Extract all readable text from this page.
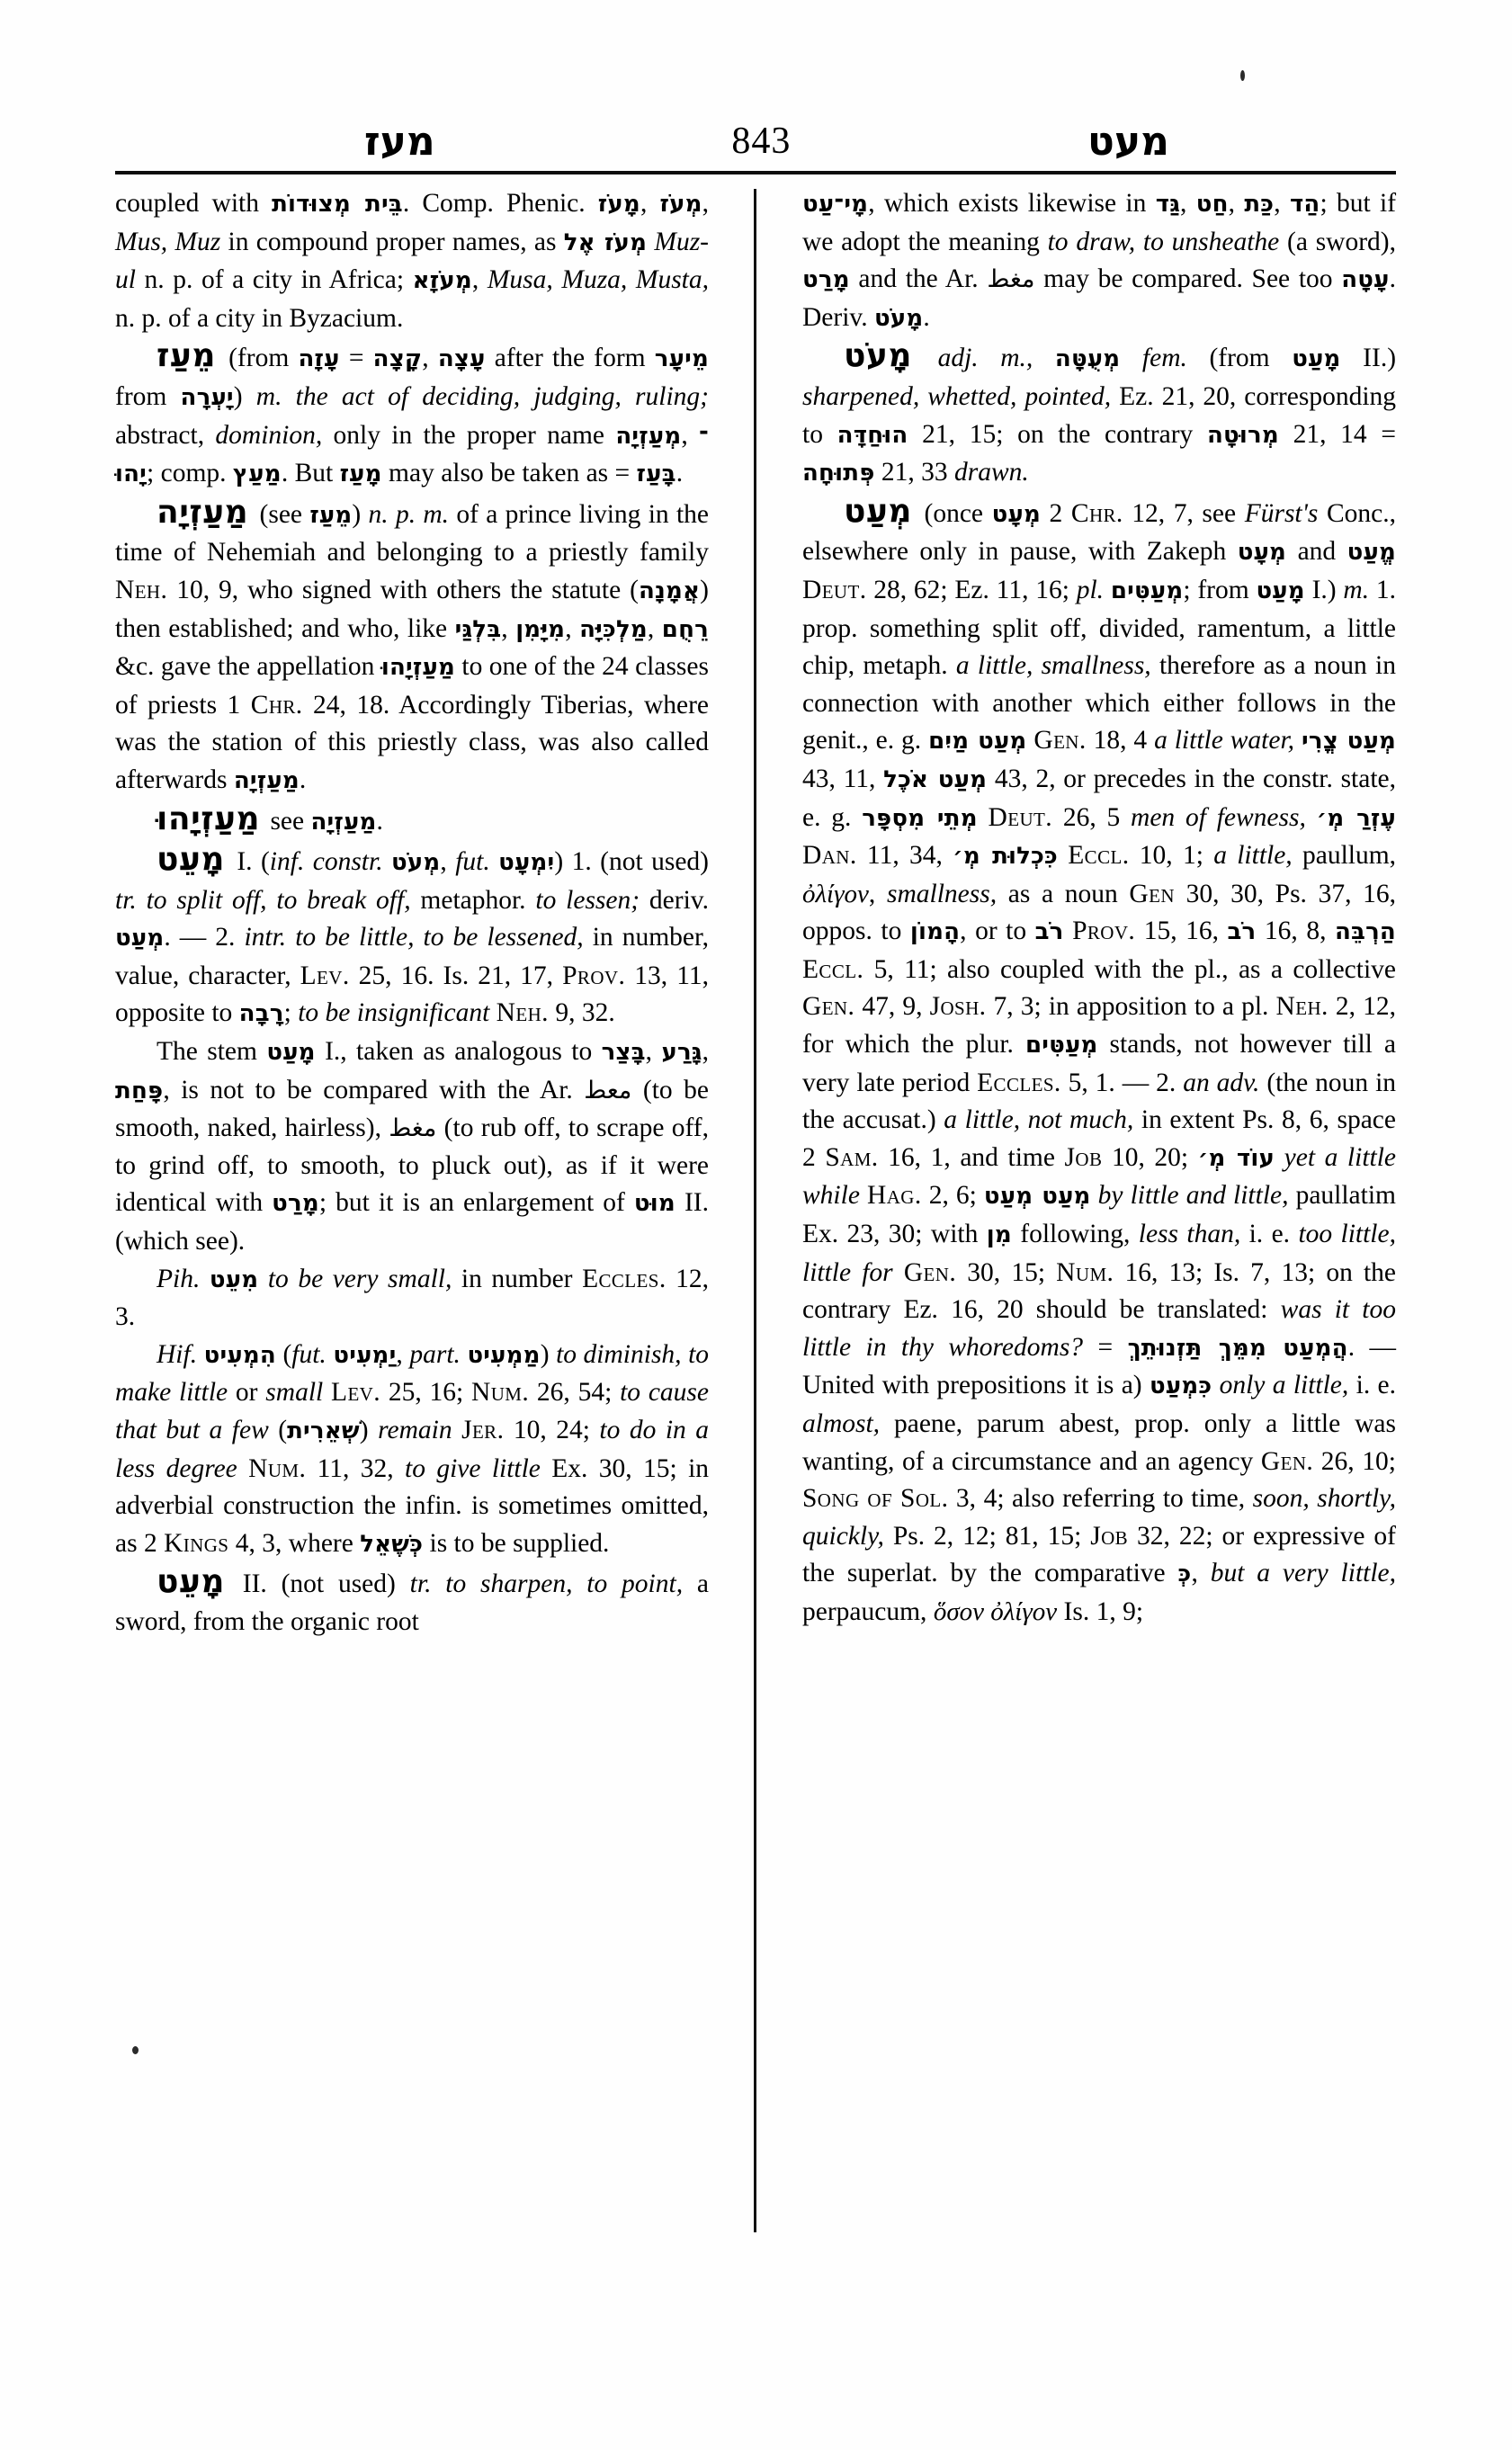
מעז	843	מעט

coupled with בֵּית מְצוּדוֹת. Comp. Phenic. מָעֹז, מְעֹז, Mus, Muz in compound proper names, as מְעֹז אֶל Muz-ul n. p. of a city in Africa; מְעֹזָא, Musa, Muza, Musta, n. p. of a city in Byzacium.

מֵעַז (from עָזָה = קָצָה, עָצָה after the form מֵיעָר from יָעְרָה) m. the act of deciding, judging, ruling; abstract, dominion, only in the proper name מְעַזְיָה, ־יָהוּ; comp. מַעַץ. But מָעַז may also be taken as = בָּעַז.

מַעַזְיָה (see מֵעַז) n. p. m. of a prince living in the time of Nehemiah and belonging to a priestly family Neh. 10, 9, who signed with others the statute (אֲמָנָה) then established; and who, like בִּלְגַּי, מִיָּמִן, מַלְכִּיָּה, רֵחֻם &c. gave the appellation מַעַזְיָהוּ to one of the 24 classes of priests 1 Chr. 24, 18. Accordingly Tiberias, where was the station of this priestly class, was also called afterwards מַעַזְיָה.

מַעַזְיָהוּ see מַעַזְיָה.

מָעֵט I. (inf. constr. מְעֹט, fut. יִמְעָט) 1. (not used) tr. to split off, to break off, metaphor. to lessen; deriv. מְעַט. — 2. intr. to be little, to be lessened, in number, value, character, Lev. 25, 16. Is. 21, 17, Prov. 13, 11, opposite to רָבָה; to be insignificant Neh. 9, 32.

The stem מָעַט I., taken as analogous to בָּצַר, גָּרַע, פָּחַת, is not to be compared with the Ar. معط (to be smooth, naked, hairless), مغط (to rub off, to scrape off, to grind off, to smooth, to pluck out), as if it were identical with מָרַט; but it is an enlargement of מוּט II. (which see).

Pih. מִעֵט to be very small, in number Eccles. 12, 3.

Hif. הִמְעִיט (fut. יַמְעִיט, part. מַמְעִיט) to diminish, to make little or small Lev. 25, 16; Num. 26, 54; to cause that but a few (שְׁאֵרִית) remain Jer. 10, 24; to do in a less degree Num. 11, 32, to give little Ex. 30, 15; in adverbial construction the infin. is sometimes omitted, as 2 Kings 4, 3, where כְּשֶׁאֵל is to be supplied.

מָעֵט II. (not used) tr. to sharpen, to point, a sword, from the organic root

מָי־עַט, which exists likewise in גַּד, חַט, כַּת, הַד; but if we adopt the meaning to draw, to unsheathe (a sword), מָרַט and the Ar. مغط may be compared. See too עָטָה. Deriv. מָעֹט.

מָעֹט adj. m., מְעֻטָּה fem. (from מָעַט II.) sharpened, whetted, pointed, Ez. 21, 20, corresponding to הוּחַדָּה 21, 15; on the contrary מְרוּטָה 21, 14 = פְּתוּחָה 21, 33 drawn.

מְעַט (once מְעָט 2 Chr. 12, 7, see Fürst's Conc., elsewhere only in pause, with Zakeph מְעָט and מֱעַט Deut. 28, 62; Ez. 11, 16; pl. מְעַטִּים; from מָעַט I.) m. 1. prop. something split off, divided, ramentum, a little chip, metaph. a little, smallness, therefore as a noun in connection with another which either follows in the genit., e. g. מְעַט מַיִם Gen. 18, 4 a little water, מְעַט צֳרִי 43, 11, מְעַט אֹכֶל 43, 2, or precedes in the constr. state, e. g. מְתֵי מִסְפָּר Deut. 26, 5 men of fewness, עֶזְרַ מְ׳ Dan. 11, 34, כִּכְלוּת מְ׳ Eccl. 10, 1; a little, paullum, ὀλίγον, smallness, as a noun Gen 30, 30, Ps. 37, 16, oppos. to הָמוֹן, or to רֹב Prov. 15, 16, רֹב 16, 8, הַרְבֵּה Eccl. 5, 11; also coupled with the pl., as a collective Gen. 47, 9, Josh. 7, 3; in apposition to a pl. Neh. 2, 12, for which the plur. מְעַטִּים stands, not however till a very late period Eccles. 5, 1. — 2. an adv. (the noun in the accusat.) a little, not much, in extent Ps. 8, 6, space 2 Sam. 16, 1, and time Job 10, 20; עוֹד מְ׳ yet a little while Hag. 2, 6; מְעַט מְעַט by little and little, paullatim Ex. 23, 30; with מִן following, less than, i. e. too little, little for Gen. 30, 15; Num. 16, 13; Is. 7, 13; on the contrary Ez. 16, 20 should be translated: was it too little in thy whoredoms? = הֲמְעַט מִמֵּךְ תַּזְנוּתֵךְ. — United with prepositions it is a) כִּמְעַט only a little, i. e. almost, paene, parum abest, prop. only a little was wanting, of a circumstance and an agency Gen. 26, 10; Song of Sol. 3, 4; also referring to time, soon, shortly, quickly, Ps. 2, 12; 81, 15; Job 32, 22; or expressive of the superlat. by the comparative כְּ, but a very little, perpaucum, ὅσον ὀλίγον Is. 1, 9;
